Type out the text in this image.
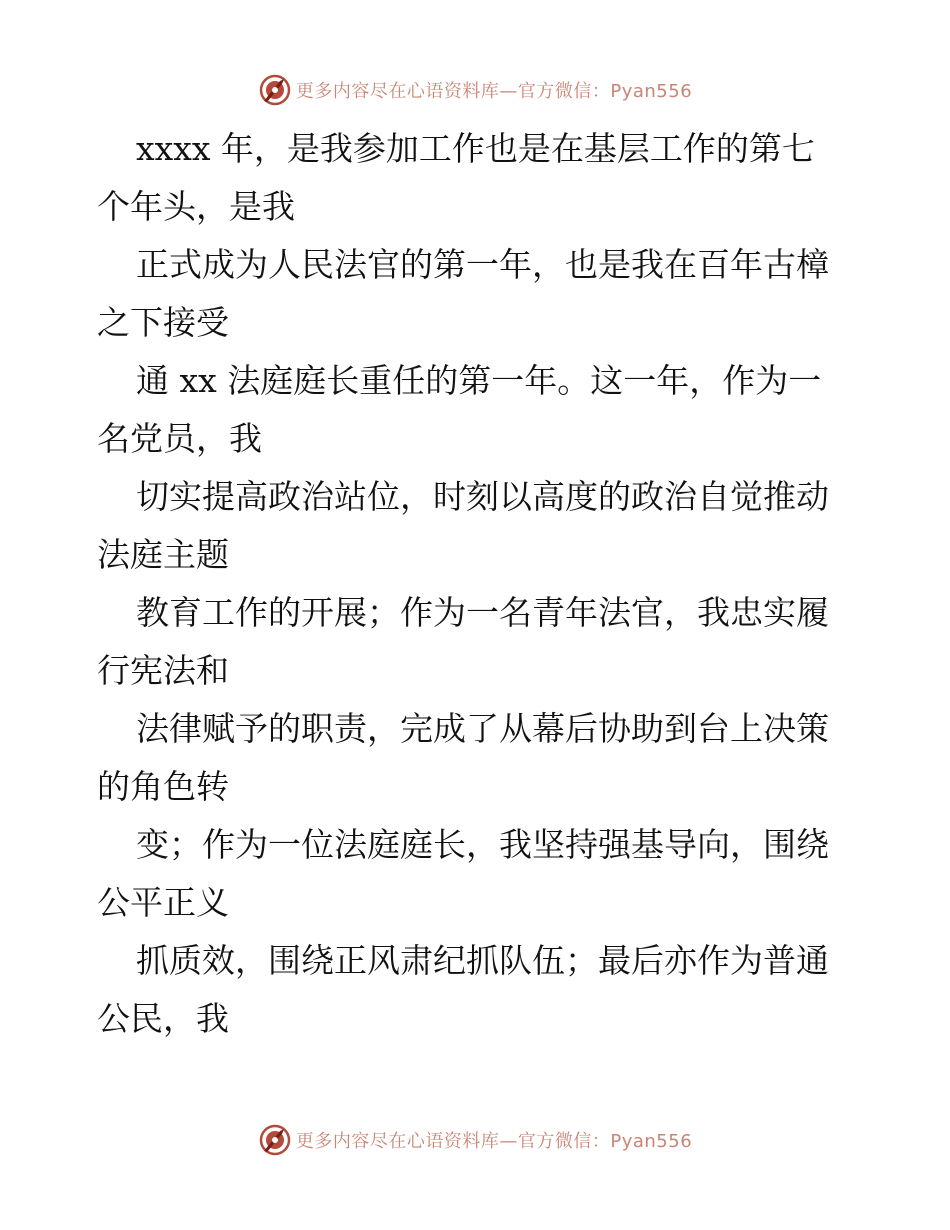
更多内容尽在心语资料库—官方微信：Pyan556
xxxx 年，是我参加工作也是在基层工作的第七
个年头，是我
正式成为人民法官的第一年，也是我在百年古樟
之下接受
通 xx 法庭庭长重任的第一年。这一年，作为一
名党员，我
切实提高政治站位，时刻以高度的政治自觉推动
法庭主题
教育工作的开展；作为一名青年法官，我忠实履
行宪法和
法律赋予的职责，完成了从幕后协助到台上决策
的角色转
变；作为一位法庭庭长，我坚持强基导向，围绕
公平正义
抓质效，围绕正风肃纪抓队伍；最后亦作为普通
公民，我
更多内容尽在心语资料库—官方微信：Pyan556
